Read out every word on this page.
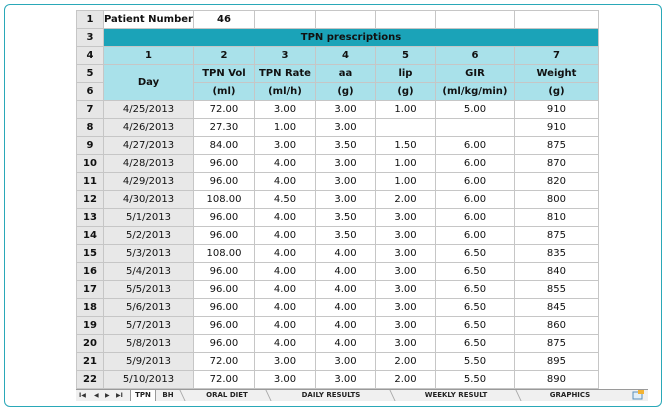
1	Patient Number	46					
3	TPN prescriptions						
4	1	2	3	4	5	6	7
5	Day	TPN Vol	TPN Rate	aa	lip	GIR	Weight
6		(ml)	(ml/h)	(g)	(g)	(ml/kg/min)	(g)
7	4/25/2013	72.00	3.00	3.00	1.00	5.00	910
8	4/26/2013	27.30	1.00	3.00			910
9	4/27/2013	84.00	3.00	3.50	1.50	6.00	875
10	4/28/2013	96.00	4.00	3.00	1.00	6.00	870
11	4/29/2013	96.00	4.00	3.00	1.00	6.00	820
12	4/30/2013	108.00	4.50	3.00	2.00	6.00	800
13	5/1/2013	96.00	4.00	3.50	3.00	6.00	810
14	5/2/2013	96.00	4.00	3.50	3.00	6.00	875
15	5/3/2013	108.00	4.00	4.00	3.00	6.50	835
16	5/4/2013	96.00	4.00	4.00	3.00	6.50	840
17	5/5/2013	96.00	4.00	4.00	3.00	6.50	855
18	5/6/2013	96.00	4.00	4.00	3.00	6.50	845
19	5/7/2013	96.00	4.00	4.00	3.00	6.50	860
20	5/8/2013	96.00	4.00	4.00	3.00	6.50	875
21	5/9/2013	72.00	3.00	3.00	2.00	5.50	895
22	5/10/2013	72.00	3.00	3.00	2.00	5.50	890
I◀ ◀ ▶ ▶I	TPN	BH	ORAL DIET	DAILY RESULTS	WEEKLY RESULT	GRAPHICS
